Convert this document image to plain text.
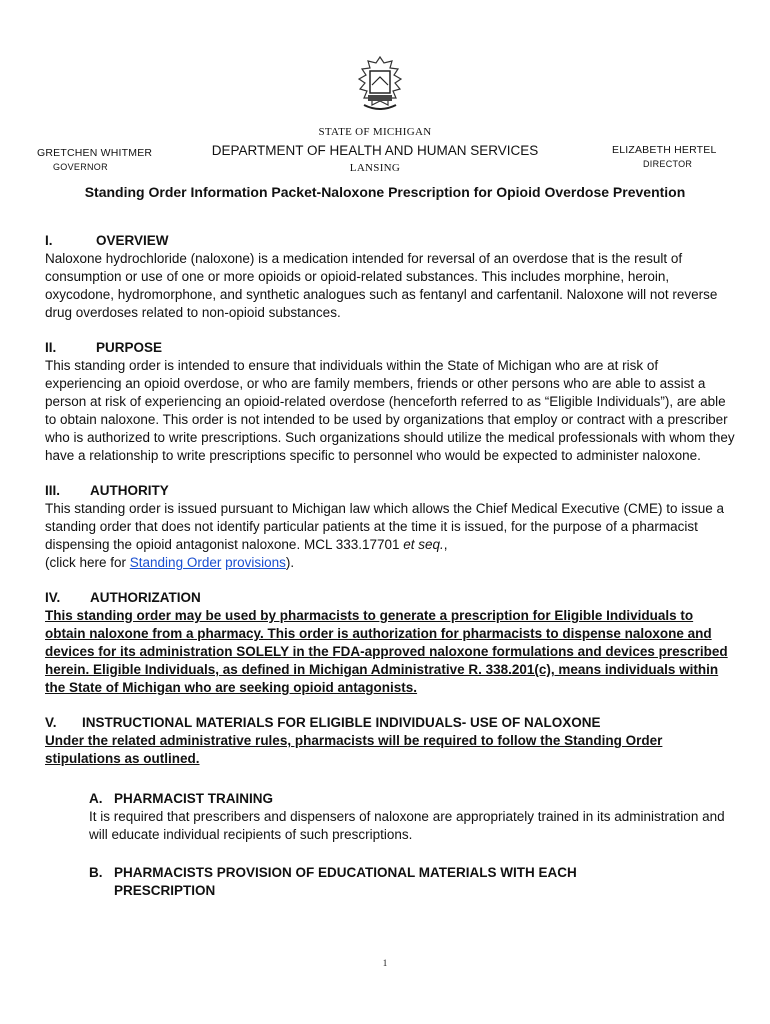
STATE OF MICHIGAN
DEPARTMENT OF HEALTH AND HUMAN SERVICES
LANSING
GRETCHEN WHITMER
GOVERNOR
ELIZABETH HERTEL
DIRECTOR
Standing Order Information Packet-Naloxone Prescription for Opioid Overdose Prevention
I.	OVERVIEW

Naloxone hydrochloride (naloxone) is a medication intended for reversal of an overdose that is the result of consumption or use of one or more opioids or opioid-related substances. This includes morphine, heroin, oxycodone, hydromorphone, and synthetic analogues such as fentanyl and carfentanil. Naloxone will not reverse drug overdoses related to non-opioid substances.

II.	PURPOSE

This standing order is intended to ensure that individuals within the State of Michigan who are at risk of experiencing an opioid overdose, or who are family members, friends or other persons who are able to assist a person at risk of experiencing an opioid-related overdose (henceforth referred to as “Eligible Individuals”), are able to obtain naloxone. This order is not intended to be used by organizations that employ or contract with a prescriber who is authorized to write prescriptions. Such organizations should utilize the medical professionals with whom they have a relationship to write prescriptions specific to personnel who would be expected to administer naloxone.

III. AUTHORITY

This standing order is issued pursuant to Michigan law which allows the Chief Medical Executive (CME) to issue a standing order that does not identify particular patients at the time it is issued, for the purpose of a pharmacist dispensing the opioid antagonist naloxone. MCL 333.17701 et seq.,
(click here for Standing Order provisions).

IV. AUTHORIZATION

This standing order may be used by pharmacists to generate a prescription for Eligible Individuals to obtain naloxone from a pharmacy. This order is authorization for pharmacists to dispense naloxone and devices for its administration SOLELY in the FDA-approved naloxone formulations and devices prescribed herein. Eligible Individuals, as defined in Michigan Administrative R. 338.201(c), means individuals within the State of Michigan who are seeking opioid antagonists.

V. INSTRUCTIONAL MATERIALS FOR ELIGIBLE INDIVIDUALS- USE OF NALOXONE

Under the related administrative rules, pharmacists will be required to follow the Standing Order stipulations as outlined.

A. PHARMACIST TRAINING

It is required that prescribers and dispensers of naloxone are appropriately trained in its administration and will educate individual recipients of such prescriptions.

B. PHARMACISTS PROVISION OF EDUCATIONAL MATERIALS WITH EACH
PRESCRIPTION
1
